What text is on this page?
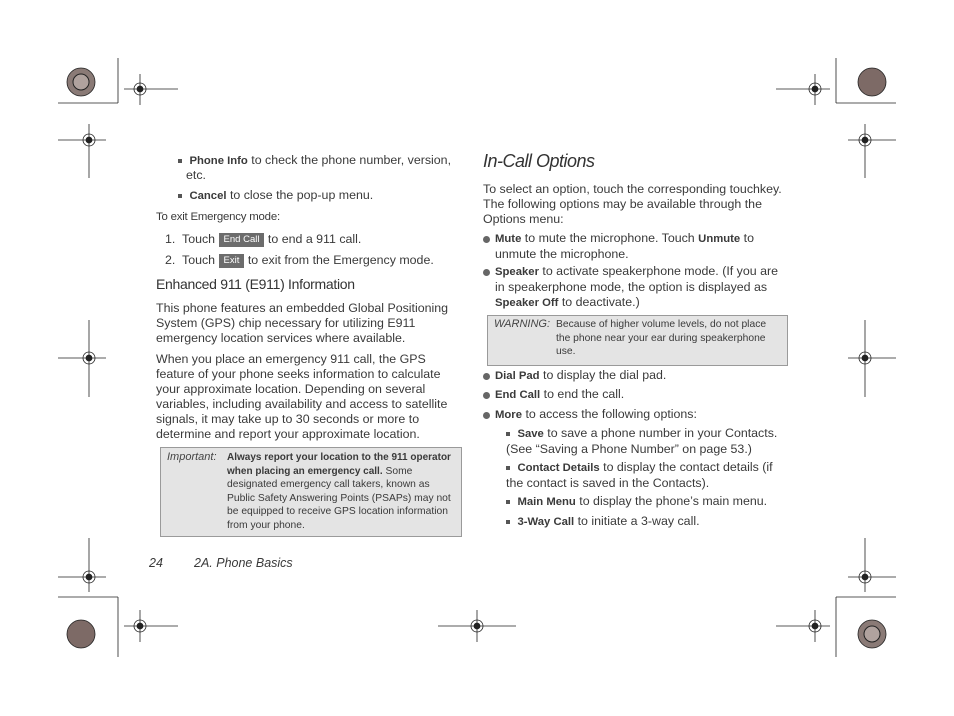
Phone Info to check the phone number, version,

etc.

Cancel to close the pop-up menu.

To exit Emergency mode:

1. Touch End Call to end a 911 call.

2. Touch Exit to exit from the Emergency mode.

Enhanced 911 (E911) Information

This phone features an embedded Global Positioning System (GPS) chip necessary for utilizing E911 emergency location services where available.

When you place an emergency 911 call, the GPS feature of your phone seeks information to calculate your approximate location. Depending on several variables, including availability and access to satellite signals, it may take up to 30 seconds or more to determine and report your approximate location.

Important: Always report your location to the 911 operator when placing an emergency call. Some designated emergency call takers, known as Public Safety Answering Points (PSAPs) may not be equipped to receive GPS location information from your phone.

In-Call Options

To select an option, touch the corresponding touchkey. The following options may be available through the Options menu:

Mute to mute the microphone. Touch Unmute to unmute the microphone.

Speaker to activate speakerphone mode. (If you are in speakerphone mode, the option is displayed as Speaker Off to deactivate.)

WARNING: Because of higher volume levels, do not place the phone near your ear during speakerphone use.

Dial Pad to display the dial pad.

End Call to end the call.

More to access the following options:

Save to save a phone number in your Contacts. (See “Saving a Phone Number” on page 53.)

Contact Details to display the contact details (if the contact is saved in the Contacts).

Main Menu to display the phone’s main menu.

3-Way Call to initiate a 3-way call.

24 2A. Phone Basics
